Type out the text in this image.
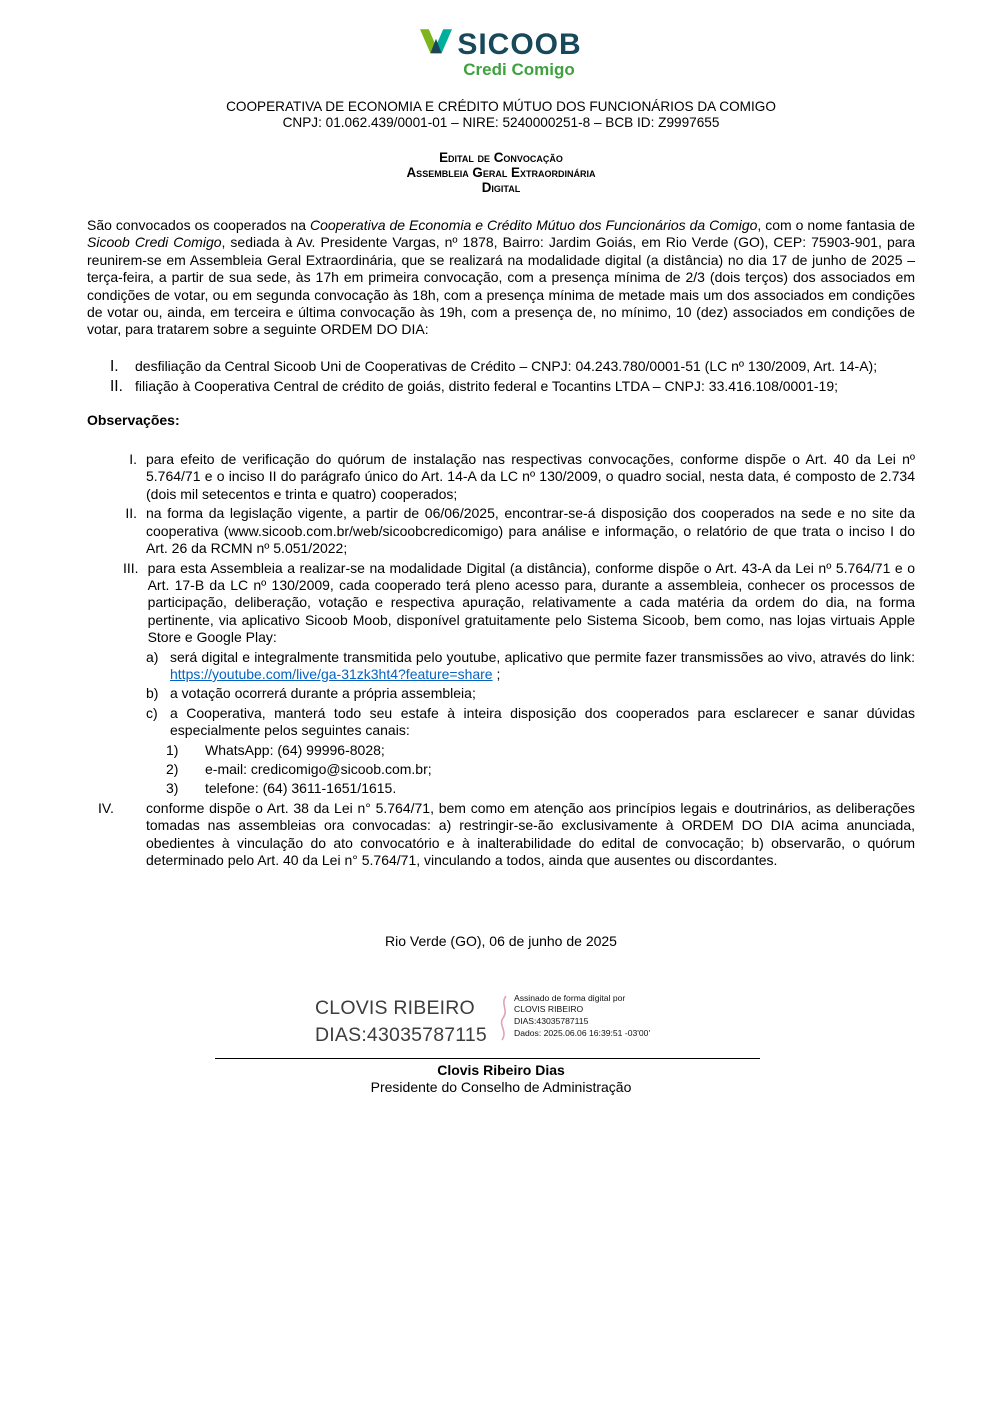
SICOOB
Credi Comigo
COOPERATIVA DE ECONOMIA E CRÉDITO MÚTUO DOS FUNCIONÁRIOS DA COMIGO
CNPJ: 01.062.439/0001-01 – NIRE: 5240000251-8 – BCB ID: Z9997655
Edital de Convocação
Assembleia Geral Extraordinária
Digital

São convocados os cooperados na Cooperativa de Economia e Crédito Mútuo dos Funcionários da Comigo, com o nome fantasia de Sicoob Credi Comigo, sediada à Av. Presidente Vargas, nº 1878, Bairro: Jardim Goiás, em Rio Verde (GO), CEP: 75903-901, para reunirem-se em Assembleia Geral Extraordinária, que se realizará na modalidade digital (a distância) no dia 17 de junho de 2025 – terça-feira, a partir de sua sede, às 17h em primeira convocação, com a presença mínima de 2/3 (dois terços) dos associados em condições de votar, ou em segunda convocação às 18h, com a presença mínima de metade mais um dos associados em condições de votar ou, ainda, em terceira e última convocação às 19h, com a presença de, no mínimo, 10 (dez) associados em condições de votar, para tratarem sobre a seguinte ORDEM DO DIA:

I.	desfiliação da Central Sicoob Uni de Cooperativas de Crédito – CNPJ: 04.243.780/0001-51 (LC nº 130/2009, Art. 14-A);
II. filiação à Cooperativa Central de crédito de goiás, distrito federal e Tocantins LTDA – CNPJ: 33.416.108/0001-19;
Observações:
I. para efeito de verificação do quórum de instalação nas respectivas convocações, conforme dispõe o Art. 40 da Lei nº 5.764/71 e o inciso II do parágrafo único do Art. 14-A da LC nº 130/2009, o quadro social, nesta data, é composto de 2.734 (dois mil setecentos e trinta e quatro) cooperados;
II. na forma da legislação vigente, a partir de 06/06/2025, encontrar-se-á disposição dos cooperados na sede e no site da cooperativa (www.sicoob.com.br/web/sicoobcredicomigo) para análise e informação, o relatório de que trata o inciso I do Art. 26 da RCMN nº 5.051/2022;
III. para esta Assembleia a realizar-se na modalidade Digital (a distância), conforme dispõe o Art. 43-A da Lei nº 5.764/71 e o Art. 17-B da LC nº 130/2009, cada cooperado terá pleno acesso para, durante a assembleia, conhecer os processos de participação, deliberação, votação e respectiva apuração, relativamente a cada matéria da ordem do dia, na forma pertinente, via aplicativo Sicoob Moob, disponível gratuitamente pelo Sistema Sicoob, bem como, nas lojas virtuais Apple Store e Google Play:
a) será digital e integralmente transmitida pelo youtube, aplicativo que permite fazer transmissões ao vivo, através do link: https://youtube.com/live/ga-31zk3ht4?feature=share ;
b) a votação ocorrerá durante a própria assembleia;
c) a Cooperativa, manterá todo seu estafe à inteira disposição dos cooperados para esclarecer e sanar dúvidas especialmente pelos seguintes canais:
1)	WhatsApp: (64) 99996-8028;
2)	e-mail: credicomigo@sicoob.com.br;
3)	telefone: (64) 3611-1651/1615.
IV.	conforme dispõe o Art. 38 da Lei n° 5.764/71, bem como em atenção aos princípios legais e doutrinários, as deliberações tomadas nas assembleias ora convocadas: a) restringir-se-ão exclusivamente à ORDEM DO DIA acima anunciada, obedientes à vinculação do ato convocatório e à inalterabilidade do edital de convocação; b) observarão, o quórum determinado pelo Art. 40 da Lei n° 5.764/71, vinculando a todos, ainda que ausentes ou discordantes.
Rio Verde (GO), 06 de junho de 2025
CLOVIS RIBEIRO
DIAS:43035787115
Assinado de forma digital por
CLOVIS RIBEIRO
DIAS:43035787115
Dados: 2025.06.06 16:39:51 -03'00'
Clovis Ribeiro Dias
Presidente do Conselho de Administração
